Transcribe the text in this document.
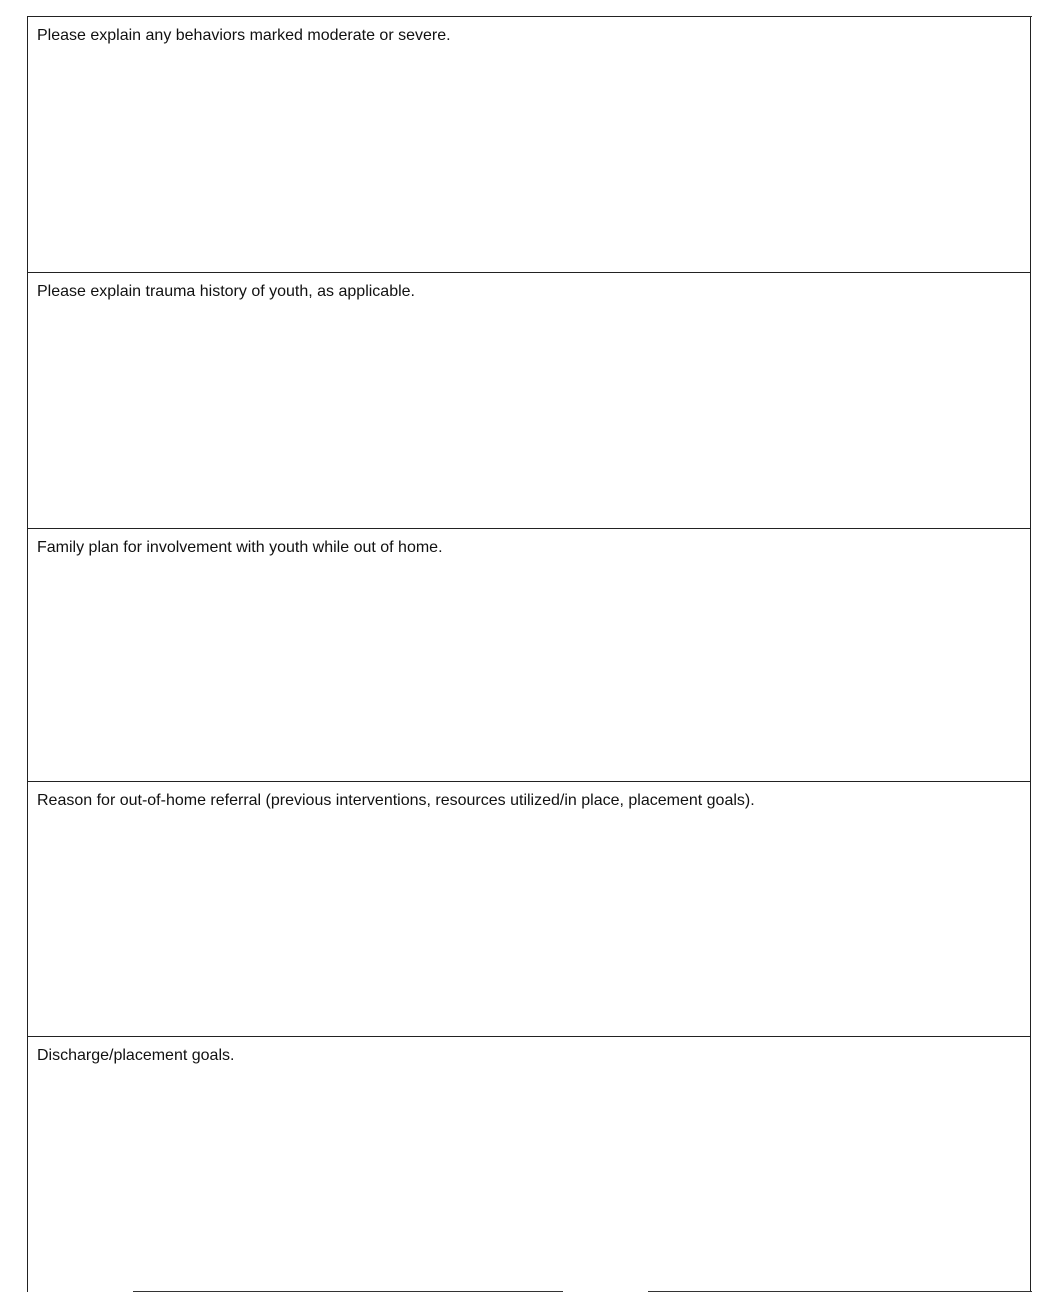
Please explain any behaviors marked moderate or severe.
Please explain trauma history of youth, as applicable.
Family plan for involvement with youth while out of home.
Reason for out-of-home referral (previous interventions, resources utilized/in place, placement goals).
Discharge/placement goals.
